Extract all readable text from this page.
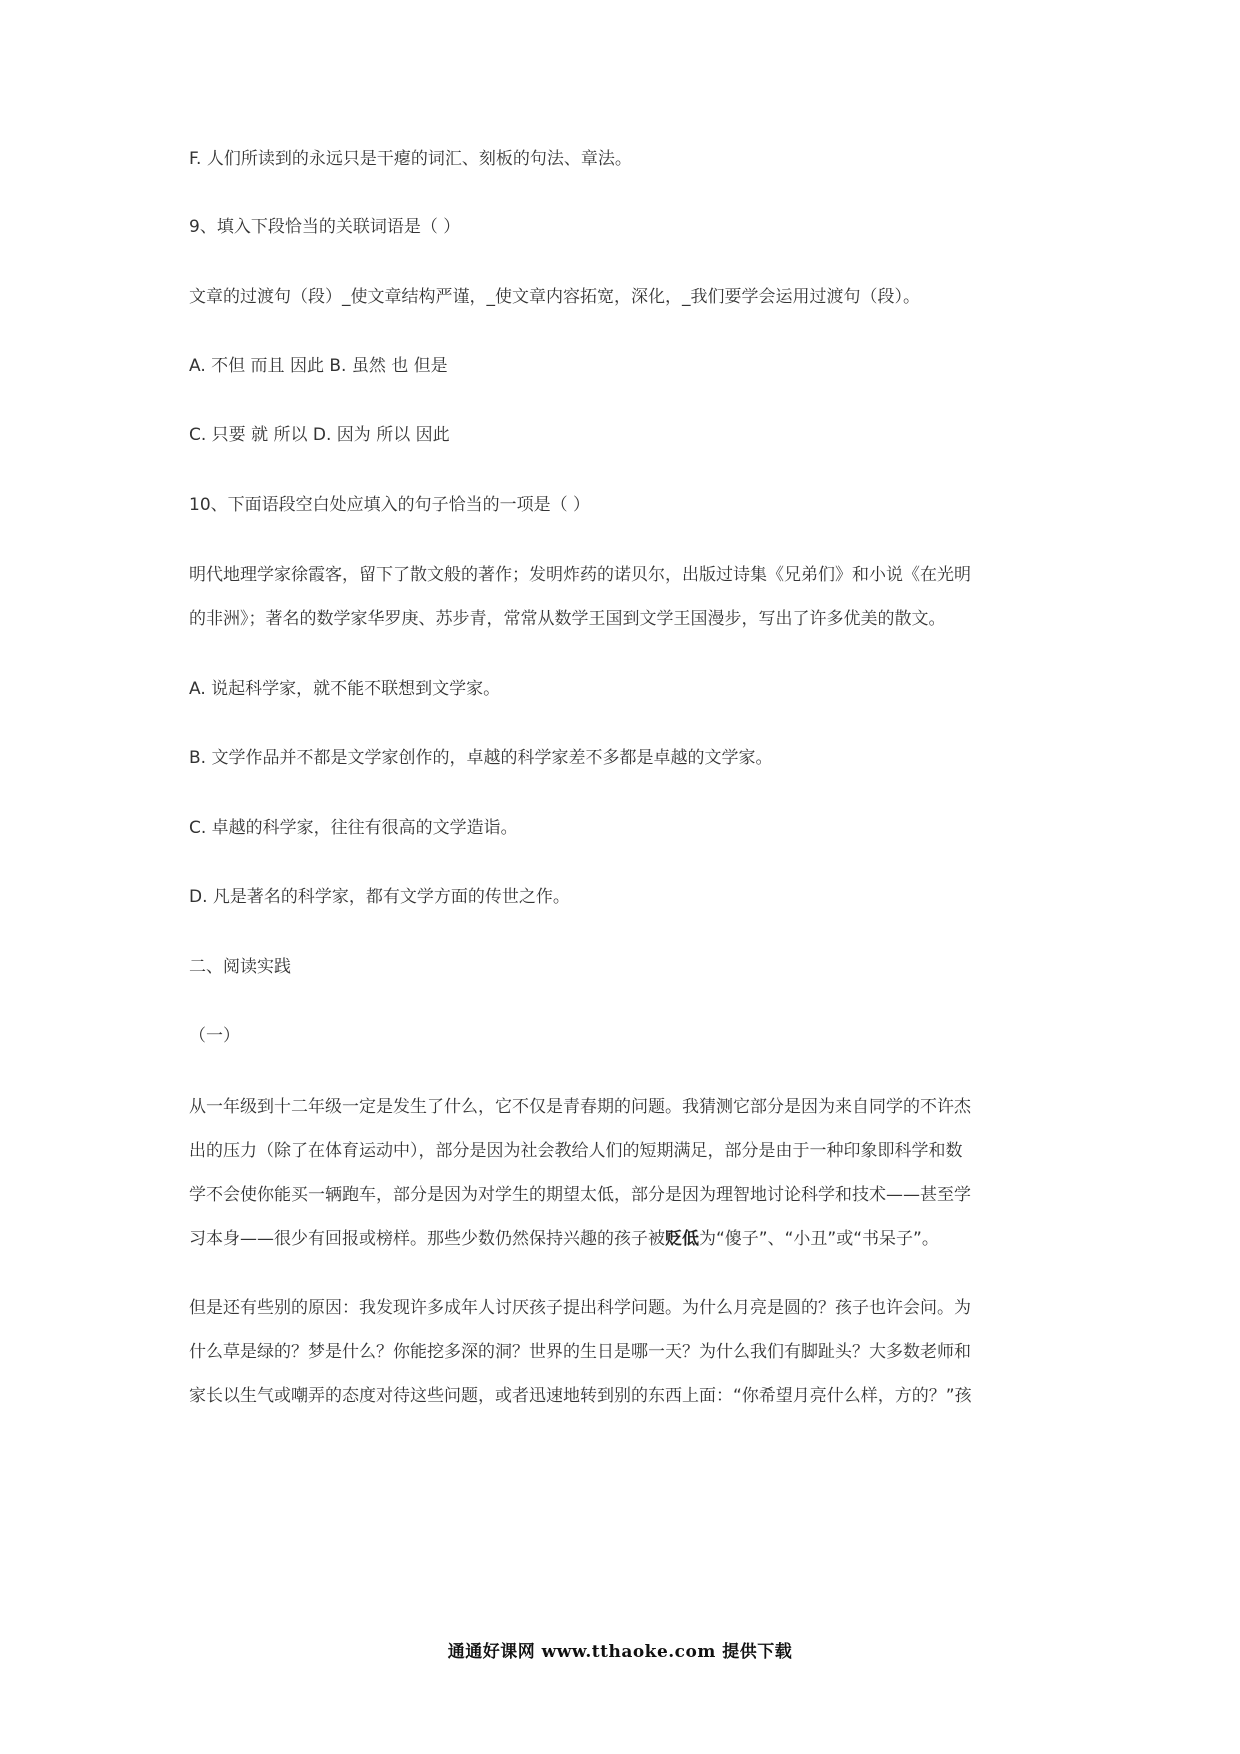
F. 人们所读到的永远只是干瘪的词汇、刻板的句法、章法。
9、填入下段恰当的关联词语是（ ）
文章的过渡句（段）_使文章结构严谨，_使文章内容拓宽，深化，_我们要学会运用过渡句（段）。
A. 不但 而且 因此 B. 虽然 也 但是
C. 只要 就 所以 D. 因为 所以 因此
10、下面语段空白处应填入的句子恰当的一项是（ ）
明代地理学家徐霞客，留下了散文般的著作；发明炸药的诺贝尔，出版过诗集《兄弟们》和小说《在光明
的非洲》；著名的数学家华罗庚、苏步青，常常从数学王国到文学王国漫步，写出了许多优美的散文。
A. 说起科学家，就不能不联想到文学家。
B. 文学作品并不都是文学家创作的，卓越的科学家差不多都是卓越的文学家。
C. 卓越的科学家，往往有很高的文学造诣。
D. 凡是著名的科学家，都有文学方面的传世之作。
二、阅读实践
（一）
从一年级到十二年级一定是发生了什么，它不仅是青春期的问题。我猜测它部分是因为来自同学的不许杰
出的压力（除了在体育运动中），部分是因为社会教给人们的短期满足，部分是由于一种印象即科学和数
学不会使你能买一辆跑车，部分是因为对学生的期望太低，部分是因为理智地讨论科学和技术——甚至学
习本身——很少有回报或榜样。那些少数仍然保持兴趣的孩子被贬低为“傻子”、“小丑”或“书呆子”。
但是还有些别的原因：我发现许多成年人讨厌孩子提出科学问题。为什么月亮是圆的？孩子也许会问。为
什么草是绿的？梦是什么？你能挖多深的洞？世界的生日是哪一天？为什么我们有脚趾头？大多数老师和
家长以生气或嘲弄的态度对待这些问题，或者迅速地转到别的东西上面：“你希望月亮什么样，方的？”孩
通通好课网 www.tthaoke.com 提供下载
